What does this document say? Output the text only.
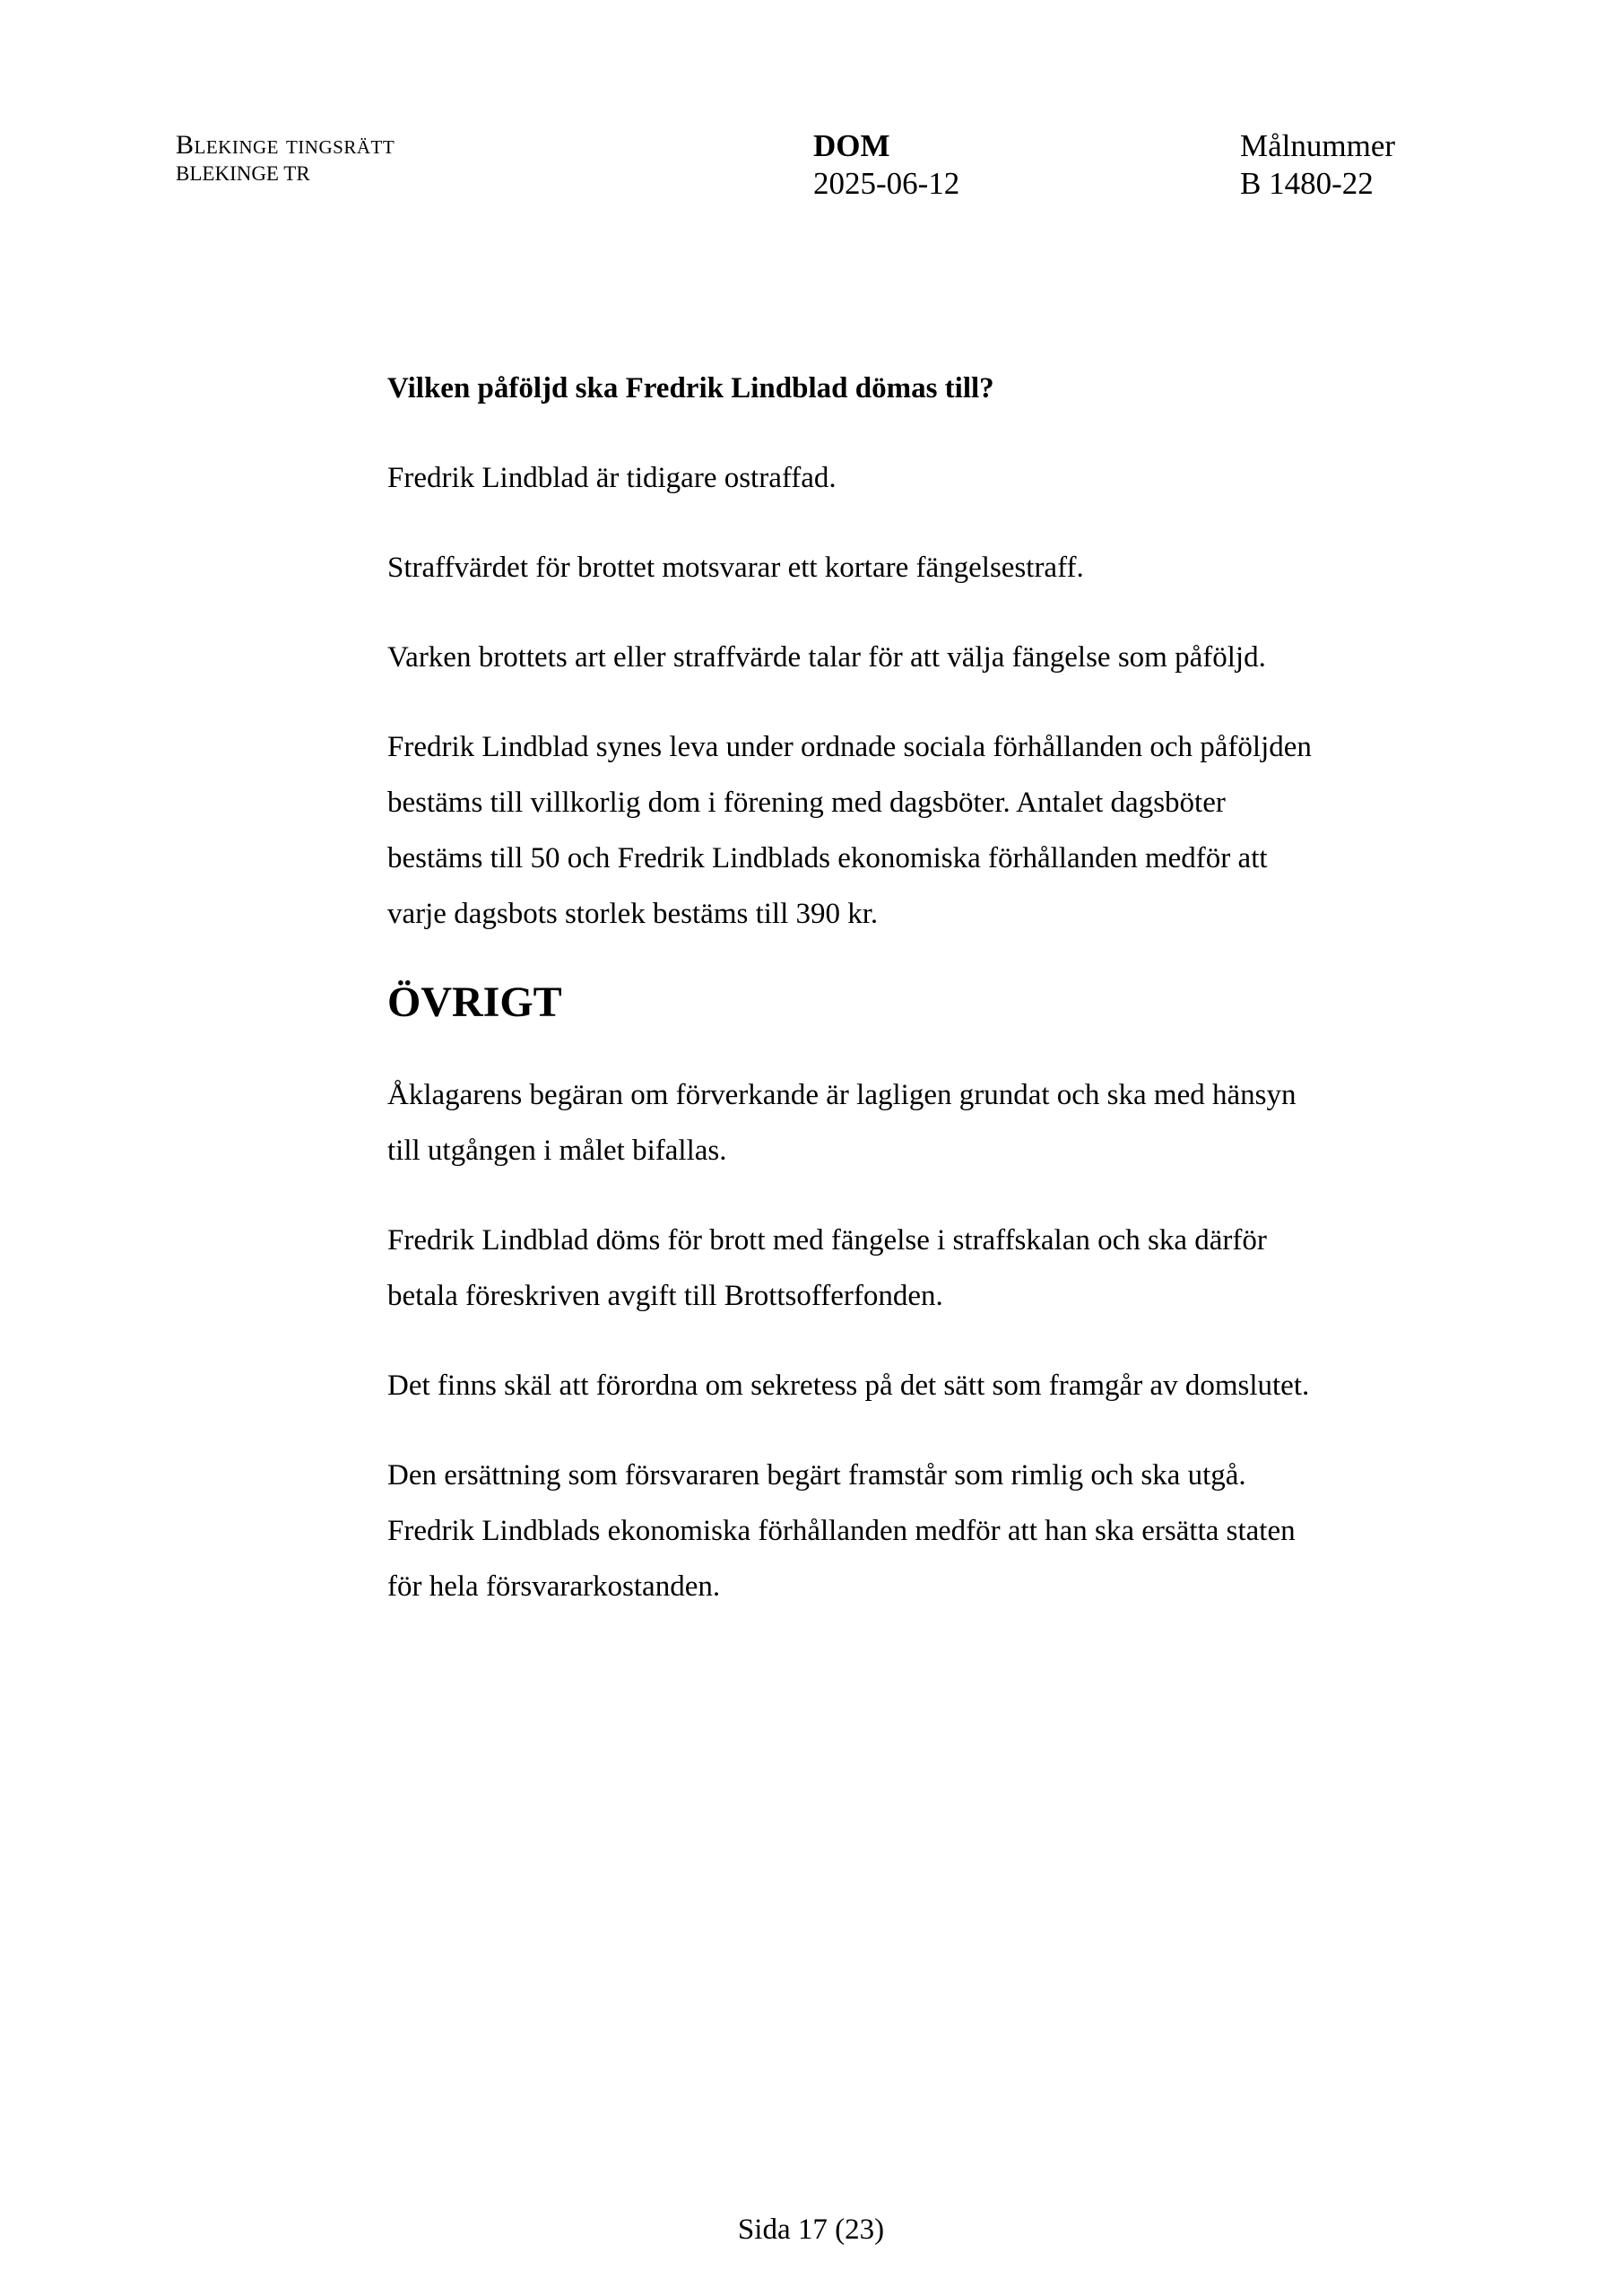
Blekinge tingsrätt
BLEKINGE TR
DOM
2025-06-12
Målnummer
B 1480-22
Vilken påföljd ska Fredrik Lindblad dömas till?
Fredrik Lindblad är tidigare ostraffad.
Straffvärdet för brottet motsvarar ett kortare fängelsestraff.
Varken brottets art eller straffvärde talar för att välja fängelse som påföljd.
Fredrik Lindblad synes leva under ordnade sociala förhållanden och påföljden
bestäms till villkorlig dom i förening med dagsböter. Antalet dagsböter
bestäms till 50 och Fredrik Lindblads ekonomiska förhållanden medför att
varje dagsbots storlek bestäms till 390 kr.
ÖVRIGT
Åklagarens begäran om förverkande är lagligen grundat och ska med hänsyn
till utgången i målet bifallas.
Fredrik Lindblad döms för brott med fängelse i straffskalan och ska därför
betala föreskriven avgift till Brottsofferfonden.
Det finns skäl att förordna om sekretess på det sätt som framgår av domslutet.
Den ersättning som försvararen begärt framstår som rimlig och ska utgå.
Fredrik Lindblads ekonomiska förhållanden medför att han ska ersätta staten
för hela försvararkostanden.
Sida 17 (23)
